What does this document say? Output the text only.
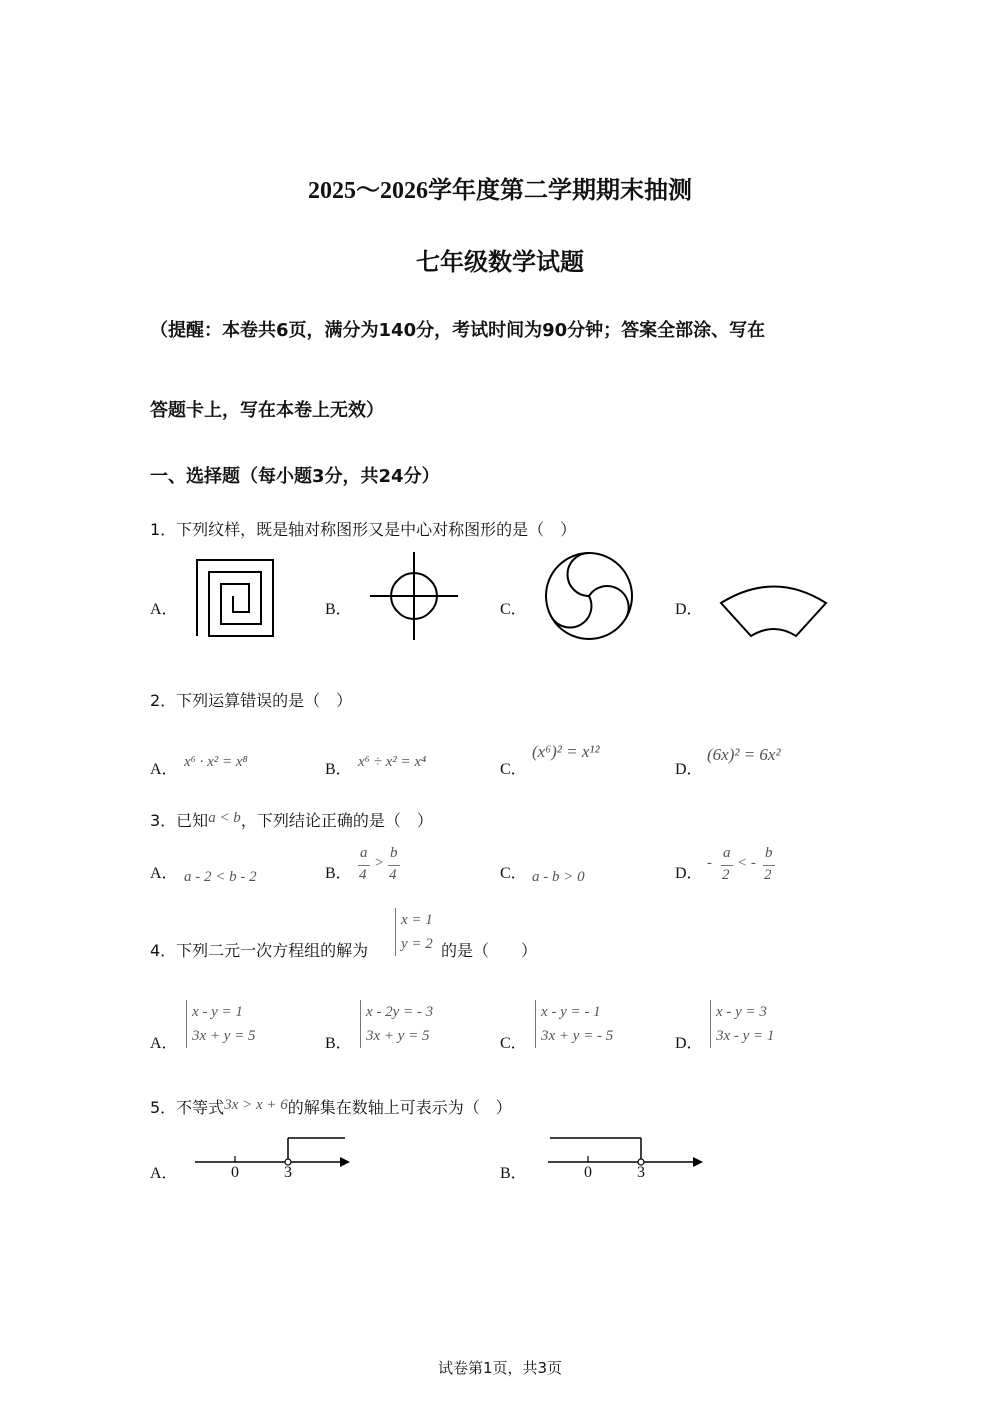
2025～2026学年度第二学期期末抽测
七年级数学试题
（提醒：本卷共6页，满分为140分，考试时间为90分钟；答案全部涂、写在
答题卡上，写在本卷上无效）
一、选择题（每小题3分，共24分）
1．下列纹样，既是轴对称图形又是中心对称图形的是（　）
A．	B．	C．	D．
2．下列运算错误的是（　）
A． x⁶ · x² = x⁸	B． x⁶ ÷ x² = x⁴	C．
(x⁶)² = x¹²
D．
(6x)² = 6x²
3．已知a < b，下列结论正确的是（　）
A． a - 2 < b - 2	B．
a
4
>
b
4	C． a - b > 0	D．
-
a
2
< -
b
2
4．下列二元一次方程组的解为
x = 1
y = 2 的是（　　）
A．
x - y = 1
3x + y = 5	B．
x - 2y = - 3
3x + y = 5	C．
x - y = - 1
3x + y = - 5	D．
x - y = 3
3x - y = 1
5．不等式3x > x + 6的解集在数轴上可表示为（　）
A．	0	3	B．	0	3
试卷第1页，共3页
